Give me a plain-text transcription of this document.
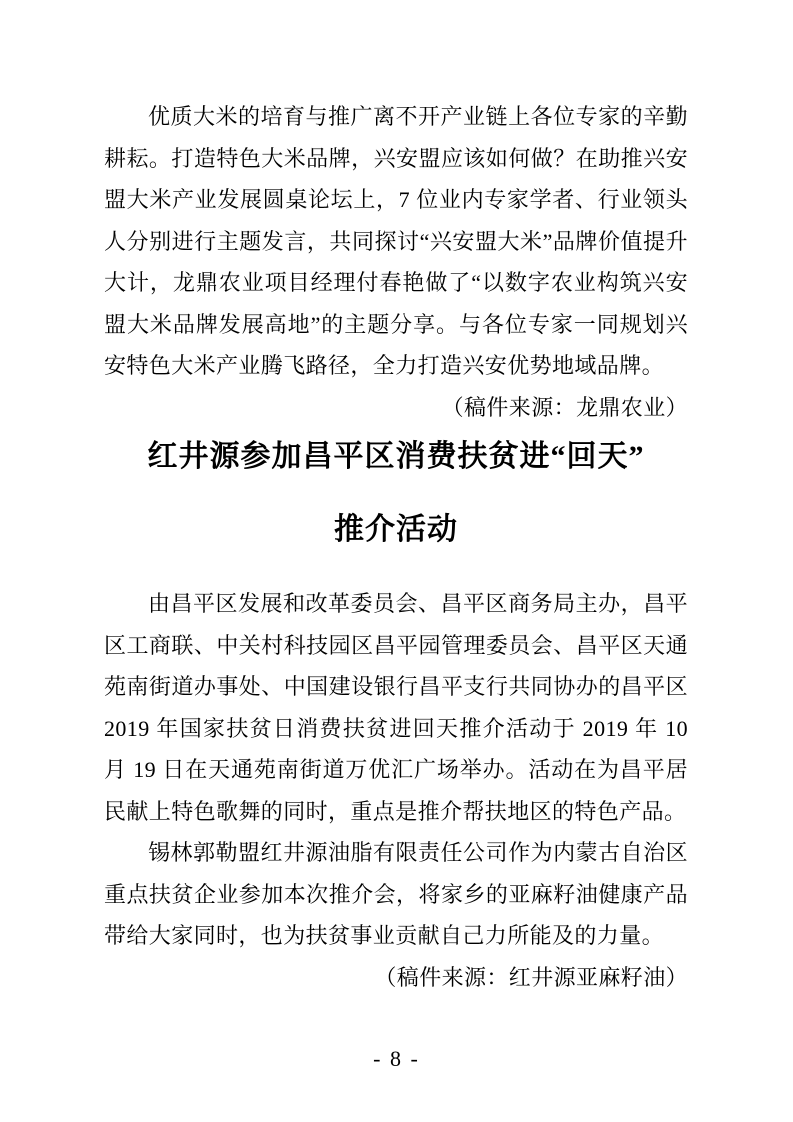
优质大米的培育与推广离不开产业链上各位专家的辛勤耕耘。打造特色大米品牌，兴安盟应该如何做？在助推兴安盟大米产业发展圆桌论坛上，7 位业内专家学者、行业领头人分别进行主题发言，共同探讨“兴安盟大米”品牌价值提升大计，龙鼎农业项目经理付春艳做了“以数字农业构筑兴安盟大米品牌发展高地”的主题分享。与各位专家一同规划兴安特色大米产业腾飞路径，全力打造兴安优势地域品牌。

（稿件来源：龙鼎农业）

红井源参加昌平区消费扶贫进“回天”
推介活动

由昌平区发展和改革委员会、昌平区商务局主办，昌平区工商联、中关村科技园区昌平园管理委员会、昌平区天通苑南街道办事处、中国建设银行昌平支行共同协办的昌平区 2019 年国家扶贫日消费扶贫进回天推介活动于 2019 年 10 月 19 日在天通苑南街道万优汇广场举办。活动在为昌平居民献上特色歌舞的同时，重点是推介帮扶地区的特色产品。

锡林郭勒盟红井源油脂有限责任公司作为内蒙古自治区重点扶贫企业参加本次推介会，将家乡的亚麻籽油健康产品带给大家同时，也为扶贫事业贡献自己力所能及的力量。

（稿件来源：红井源亚麻籽油）

- 8 -
